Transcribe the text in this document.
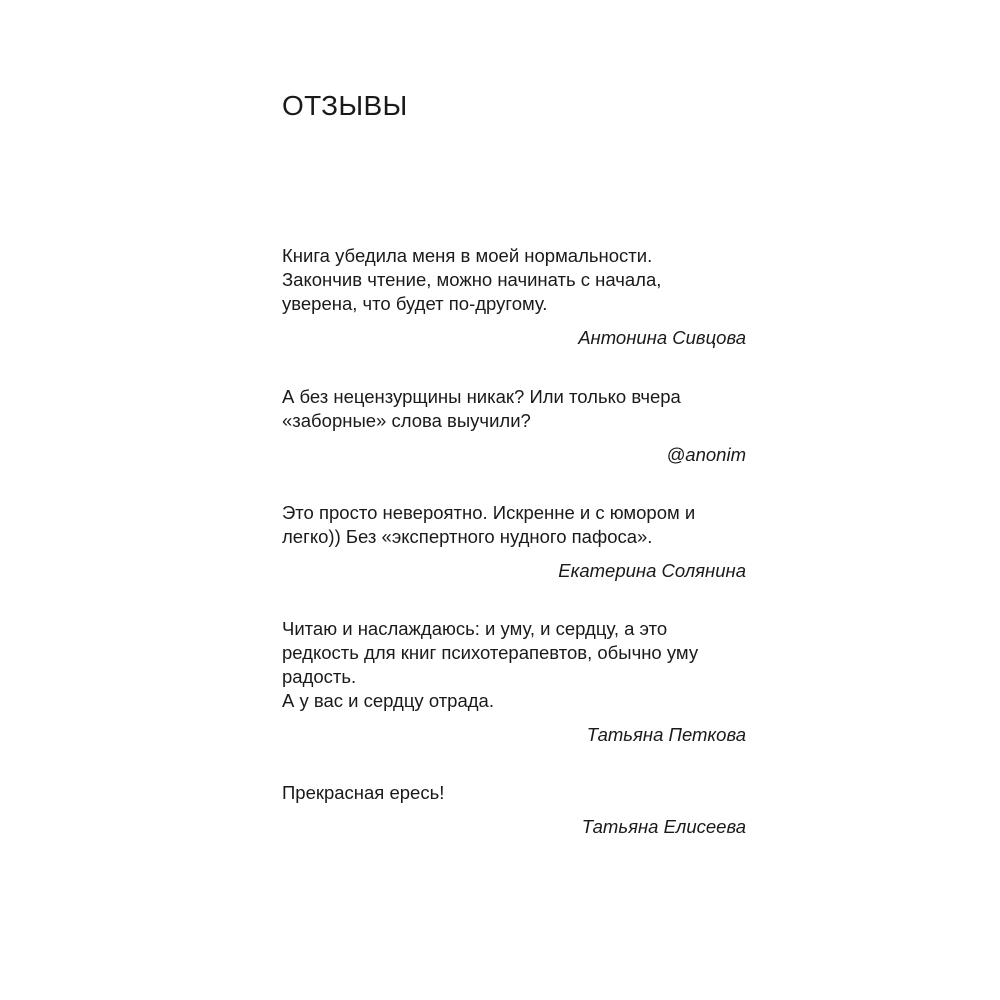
ОТЗЫВЫ

Книга убедила меня в моей нормальности.
Закончив чтение, можно начинать с начала,
уверена, что будет по-другому.

Антонина Сивцова

А без нецензурщины никак? Или только вчера
«заборные» слова выучили?

@anonim

Это просто невероятно. Искренне и с юмором и
легко)) Без «экспертного нудного пафоса».

Екатерина Солянина

Читаю и наслаждаюсь: и уму, и сердцу, а это
редкость для книг психотерапевтов, обычно уму
радость.
А у вас и сердцу отрада.

Татьяна Петкова

Прекрасная ересь!

Татьяна Елисеева
